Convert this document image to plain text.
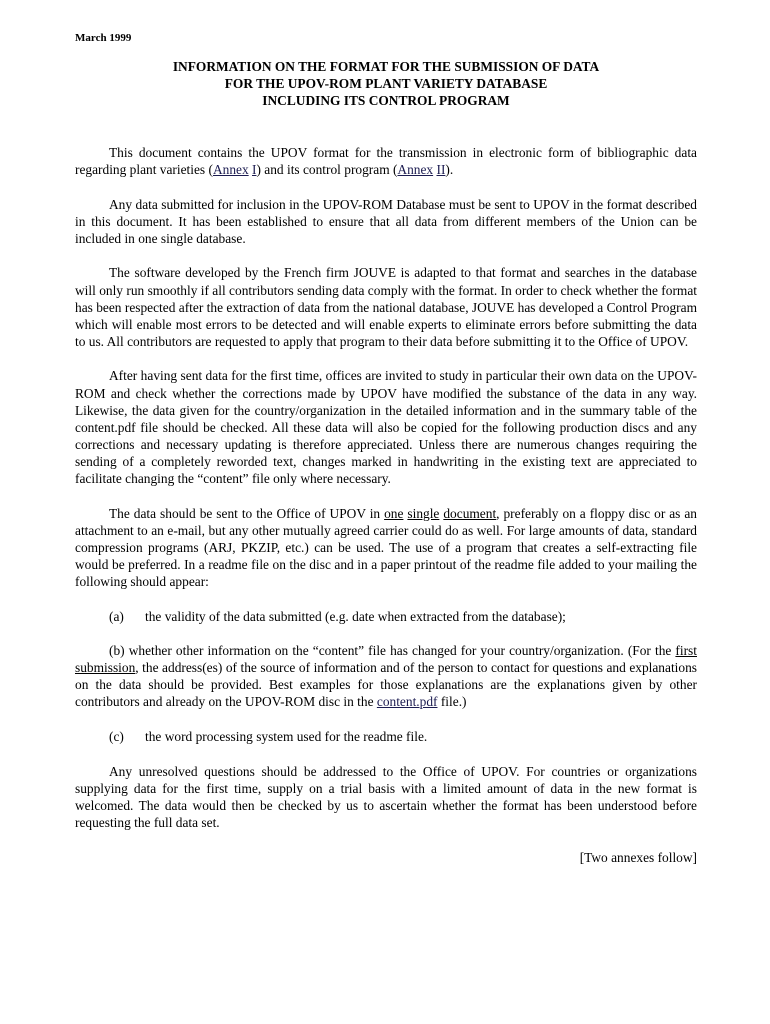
March 1999
INFORMATION ON THE FORMAT FOR THE SUBMISSION OF DATA
FOR THE UPOV-ROM PLANT VARIETY DATABASE
INCLUDING ITS CONTROL PROGRAM

This document contains the UPOV format for the transmission in electronic form of bibliographic data regarding plant varieties (Annex I) and its control program (Annex II).

Any data submitted for inclusion in the UPOV-ROM Database must be sent to UPOV in the format described in this document. It has been established to ensure that all data from different members of the Union can be included in one single database.

The software developed by the French firm JOUVE is adapted to that format and searches in the database will only run smoothly if all contributors sending data comply with the format. In order to check whether the format has been respected after the extraction of data from the national database, JOUVE has developed a Control Program which will enable most errors to be detected and will enable experts to eliminate errors before submitting the data to us. All contributors are requested to apply that program to their data before submitting it to the Office of UPOV.

After having sent data for the first time, offices are invited to study in particular their own data on the UPOV-ROM and check whether the corrections made by UPOV have modified the substance of the data in any way. Likewise, the data given for the country/organization in the detailed information and in the summary table of the content.pdf file should be checked. All these data will also be copied for the following production discs and any corrections and necessary updating is therefore appreciated. Unless there are numerous changes requiring the sending of a completely reworded text, changes marked in handwriting in the existing text are appreciated to facilitate changing the “content” file only where necessary.

The data should be sent to the Office of UPOV in one single document, preferably on a floppy disc or as an attachment to an e-mail, but any other mutually agreed carrier could do as well. For large amounts of data, standard compression programs (ARJ, PKZIP, etc.) can be used. The use of a program that creates a self-extracting file would be preferred. In a readme file on the disc and in a paper printout of the readme file added to your mailing the following should appear:

(a) the validity of the data submitted (e.g. date when extracted from the database);

(b) whether other information on the “content” file has changed for your country/organization. (For the first submission, the address(es) of the source of information and of the person to contact for questions and explanations on the data should be provided. Best examples for those explanations are the explanations given by other contributors and already on the UPOV-ROM disc in the content.pdf file.)

(c) the word processing system used for the readme file.

Any unresolved questions should be addressed to the Office of UPOV. For countries or organizations supplying data for the first time, supply on a trial basis with a limited amount of data in the new format is welcomed. The data would then be checked by us to ascertain whether the format has been understood before requesting the full data set.

[Two annexes follow]
